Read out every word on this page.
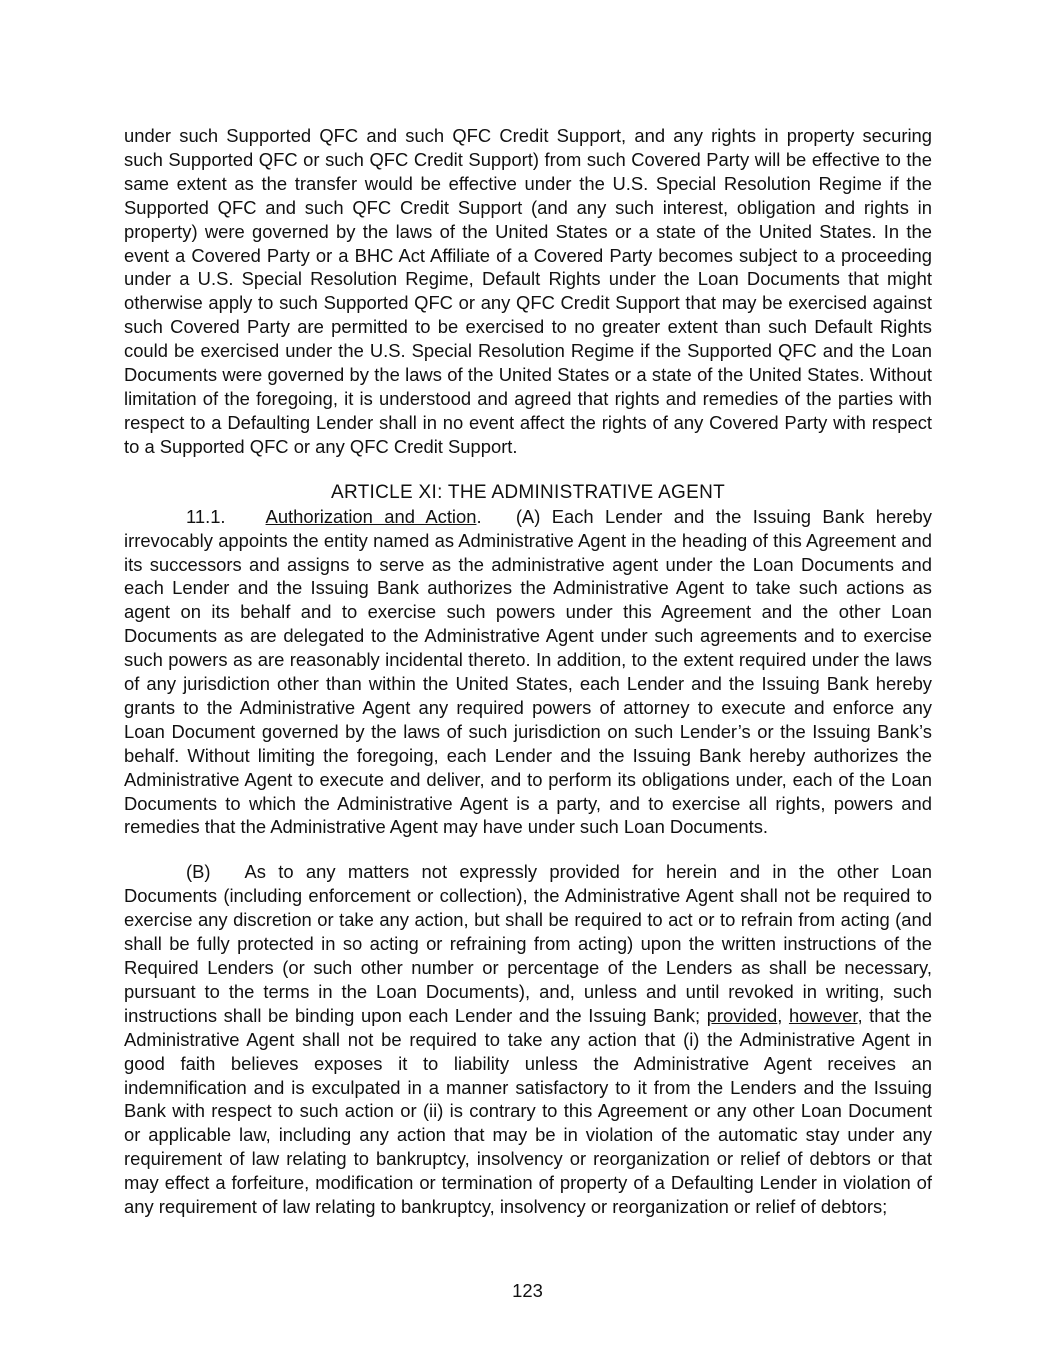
under such Supported QFC and such QFC Credit Support, and any rights in property securing such Supported QFC or such QFC Credit Support) from such Covered Party will be effective to the same extent as the transfer would be effective under the U.S. Special Resolution Regime if the Supported QFC and such QFC Credit Support (and any such interest, obligation and rights in property) were governed by the laws of the United States or a state of the United States. In the event a Covered Party or a BHC Act Affiliate of a Covered Party becomes subject to a proceeding under a U.S. Special Resolution Regime, Default Rights under the Loan Documents that might otherwise apply to such Supported QFC or any QFC Credit Support that may be exercised against such Covered Party are permitted to be exercised to no greater extent than such Default Rights could be exercised under the U.S. Special Resolution Regime if the Supported QFC and the Loan Documents were governed by the laws of the United States or a state of the United States. Without limitation of the foregoing, it is understood and agreed that rights and remedies of the parties with respect to a Defaulting Lender shall in no event affect the rights of any Covered Party with respect to a Supported QFC or any QFC Credit Support.

ARTICLE XI: THE ADMINISTRATIVE AGENT

11.1. Authorization and Action. (A) Each Lender and the Issuing Bank hereby irrevocably appoints the entity named as Administrative Agent in the heading of this Agreement and its successors and assigns to serve as the administrative agent under the Loan Documents and each Lender and the Issuing Bank authorizes the Administrative Agent to take such actions as agent on its behalf and to exercise such powers under this Agreement and the other Loan Documents as are delegated to the Administrative Agent under such agreements and to exercise such powers as are reasonably incidental thereto. In addition, to the extent required under the laws of any jurisdiction other than within the United States, each Lender and the Issuing Bank hereby grants to the Administrative Agent any required powers of attorney to execute and enforce any Loan Document governed by the laws of such jurisdiction on such Lender’s or the Issuing Bank’s behalf. Without limiting the foregoing, each Lender and the Issuing Bank hereby authorizes the Administrative Agent to execute and deliver, and to perform its obligations under, each of the Loan Documents to which the Administrative Agent is a party, and to exercise all rights, powers and remedies that the Administrative Agent may have under such Loan Documents.

(B) As to any matters not expressly provided for herein and in the other Loan Documents (including enforcement or collection), the Administrative Agent shall not be required to exercise any discretion or take any action, but shall be required to act or to refrain from acting (and shall be fully protected in so acting or refraining from acting) upon the written instructions of the Required Lenders (or such other number or percentage of the Lenders as shall be necessary, pursuant to the terms in the Loan Documents), and, unless and until revoked in writing, such instructions shall be binding upon each Lender and the Issuing Bank; provided, however, that the Administrative Agent shall not be required to take any action that (i) the Administrative Agent in good faith believes exposes it to liability unless the Administrative Agent receives an indemnification and is exculpated in a manner satisfactory to it from the Lenders and the Issuing Bank with respect to such action or (ii) is contrary to this Agreement or any other Loan Document or applicable law, including any action that may be in violation of the automatic stay under any requirement of law relating to bankruptcy, insolvency or reorganization or relief of debtors or that may effect a forfeiture, modification or termination of property of a Defaulting Lender in violation of any requirement of law relating to bankruptcy, insolvency or reorganization or relief of debtors;

123
